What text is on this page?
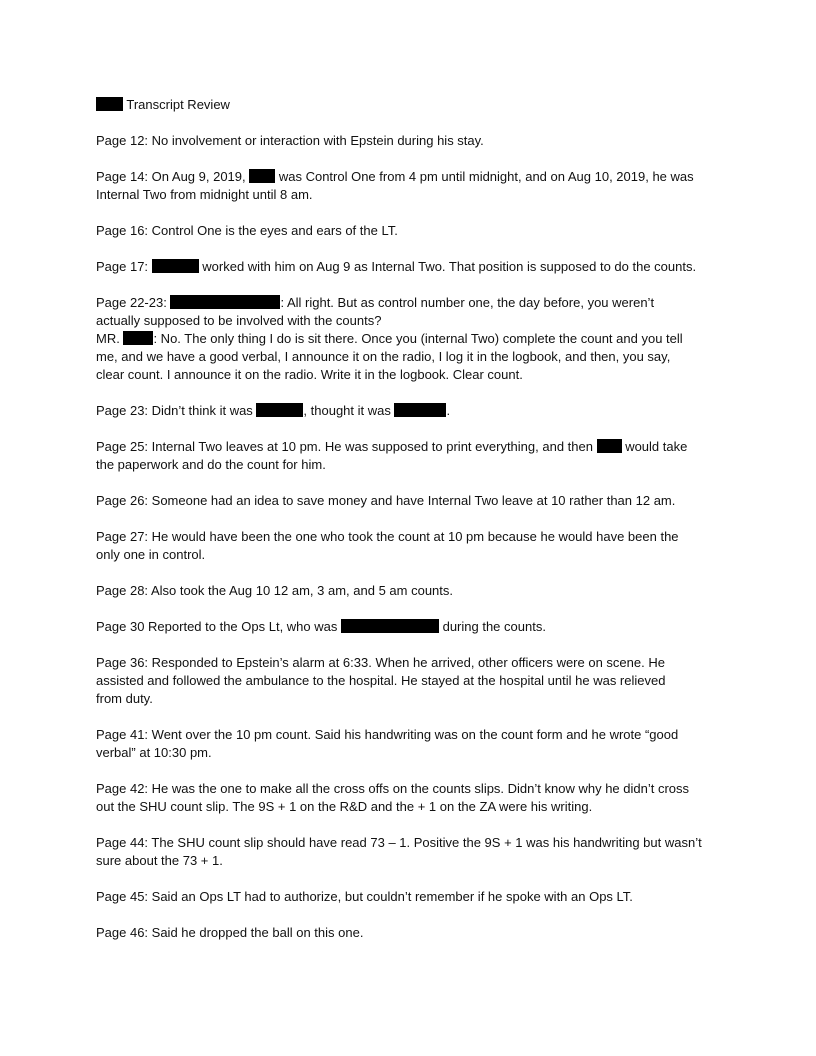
Transcript Review
Page 12: No involvement or interaction with Epstein during his stay.
Page 14: On Aug 9, 2019,  was Control One from 4 pm until midnight, and on Aug 10, 2019, he was
Internal Two from midnight until 8 am.
Page 16: Control One is the eyes and ears of the LT.
Page 17:	worked with him on Aug 9 as Internal Two. That position is supposed to do the counts.
Page 22-23:	: All right. But as control number one, the day before, you weren’t
actually supposed to be involved with the counts?
MR. : No. The only thing I do is sit there. Once you (internal Two) complete the count and you tell
me, and we have a good verbal, I announce it on the radio, I log it in the logbook, and then, you say,
clear count. I announce it on the radio. Write it in the logbook. Clear count.
Page 23: Didn’t think it was	, thought it was	.
Page 25: Internal Two leaves at 10 pm. He was supposed to print everything, and then  would take
the paperwork and do the count for him.
Page 26: Someone had an idea to save money and have Internal Two leave at 10 rather than 12 am.
Page 27: He would have been the one who took the count at 10 pm because he would have been the
only one in control.
Page 28: Also took the Aug 10 12 am, 3 am, and 5 am counts.
Page 30 Reported to the Ops Lt, who was	during the counts.
Page 36: Responded to Epstein’s alarm at 6:33. When he arrived, other officers were on scene. He
assisted and followed the ambulance to the hospital. He stayed at the hospital until he was relieved
from duty.
Page 41: Went over the 10 pm count. Said his handwriting was on the count form and he wrote “good
verbal” at 10:30 pm.
Page 42: He was the one to make all the cross offs on the counts slips. Didn’t know why he didn’t cross
out the SHU count slip. The 9S + 1 on the R&D and the + 1 on the ZA were his writing.
Page 44: The SHU count slip should have read 73 – 1. Positive the 9S + 1 was his handwriting but wasn’t
sure about the 73 + 1.
Page 45: Said an Ops LT had to authorize, but couldn’t remember if he spoke with an Ops LT.
Page 46: Said he dropped the ball on this one.
